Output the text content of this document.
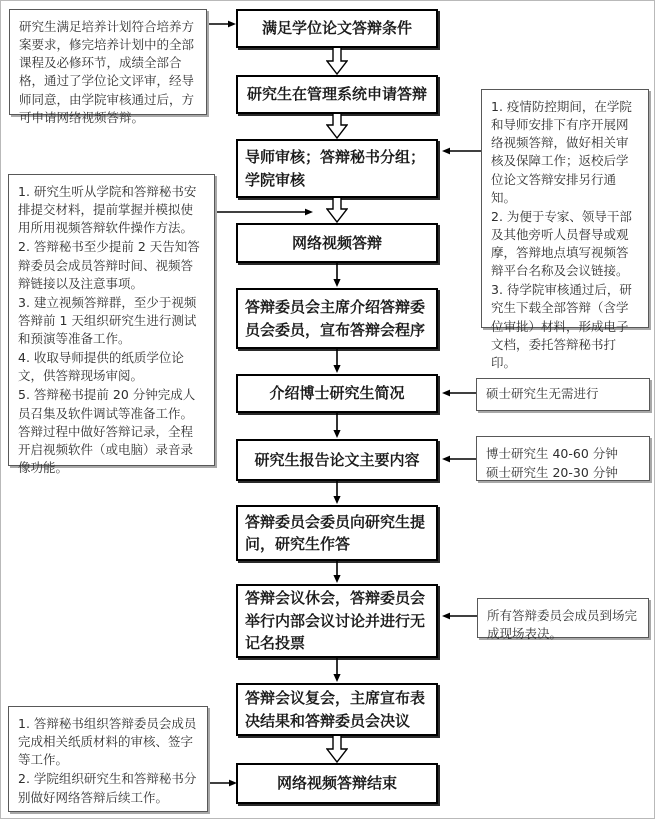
满足学位论文答辩条件
研究生在管理系统申请答辩
导师审核；答辩秘书分组；学院审核
网络视频答辩
答辩委员会主席介绍答辩委员会委员，宣布答辩会程序
介绍博士研究生简况
研究生报告论文主要内容
答辩委员会委员向研究生提问，研究生作答
答辩会议休会，答辩委员会举行内部会议讨论并进行无记名投票
答辩会议复会，主席宣布表决结果和答辩委员会决议
网络视频答辩结束
研究生满足培养计划符合培养方案要求，修完培养计划中的全部课程及必修环节，成绩全部合格，通过了学位论文评审，经导师同意，由学院审核通过后，方可申请网络视频答辩。
1. 研究生听从学院和答辩秘书安排提交材料，提前掌握并模拟使用所用视频答辩软件操作方法。
2. 答辩秘书至少提前 2 天告知答辩委员会成员答辩时间、视频答辩链接以及注意事项。
3. 建立视频答辩群，至少于视频答辩前 1 天组织研究生进行测试和预演等准备工作。
4. 收取导师提供的纸质学位论文，供答辩现场审阅。
5. 答辩秘书提前 20 分钟完成人员召集及软件调试等准备工作。答辩过程中做好答辩记录，全程开启视频软件（或电脑）录音录像功能。
1. 答辩秘书组织答辩委员会成员完成相关纸质材料的审核、签字等工作。
2. 学院组织研究生和答辩秘书分别做好网络答辩后续工作。
1. 疫情防控期间，在学院和导师安排下有序开展网络视频答辩，做好相关审核及保障工作；返校后学位论文答辩安排另行通知。
2. 为便于专家、领导干部及其他旁听人员督导或观摩，答辩地点填写视频答辩平台名称及会议链接。
3. 待学院审核通过后，研究生下载全部答辩（含学位审批）材料，形成电子文档，委托答辩秘书打印。
硕士研究生无需进行
博士研究生 40-60 分钟
硕士研究生 20-30 分钟
所有答辩委员会成员到场完成现场表决。
